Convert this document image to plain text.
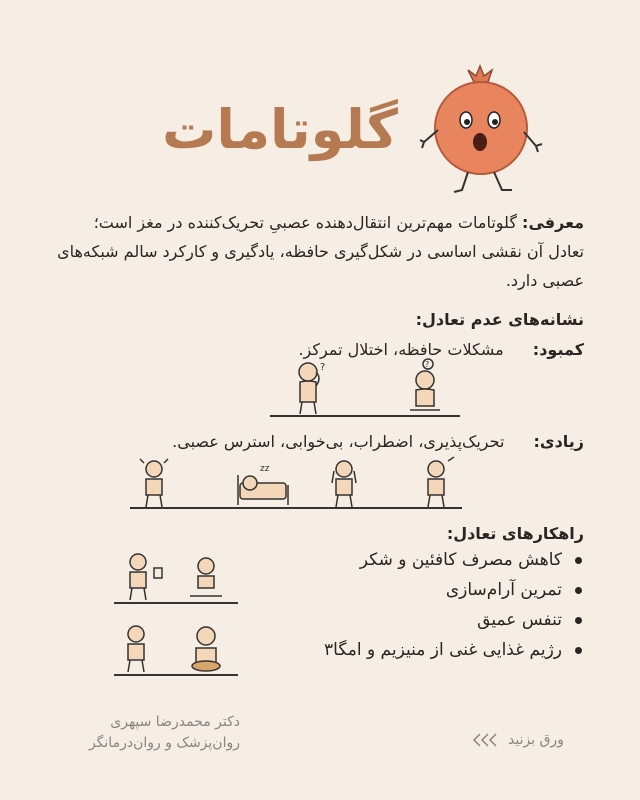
گلوتامات
معرفی: گلوتامات مهم‌ترین انتقال‌دهنده عصبیِ تحریک‌کننده در مغز است؛ تعادل آن نقشی اساسی در شکل‌گیری حافظه، یادگیری و کارکرد سالم شبکه‌های عصبی دارد.
نشانه‌های عدم تعادل:
کمبود: مشکلات حافظه، اختلال تمرکز.
?	?
زیادی: تحریک‌پذیری، اضطراب، بی‌خوابی، استرس عصبی.
zz
راهکارهای تعادل:
کاهش مصرف کافئین و شکر
تمرین آرام‌سازی
تنفس عمیق
رژیم غذایی غنی از منیزیم و امگا۳
دکتر محمدرضا سپهری
روان‌پزشک و روان‌درمانگر	ورق بزنید
